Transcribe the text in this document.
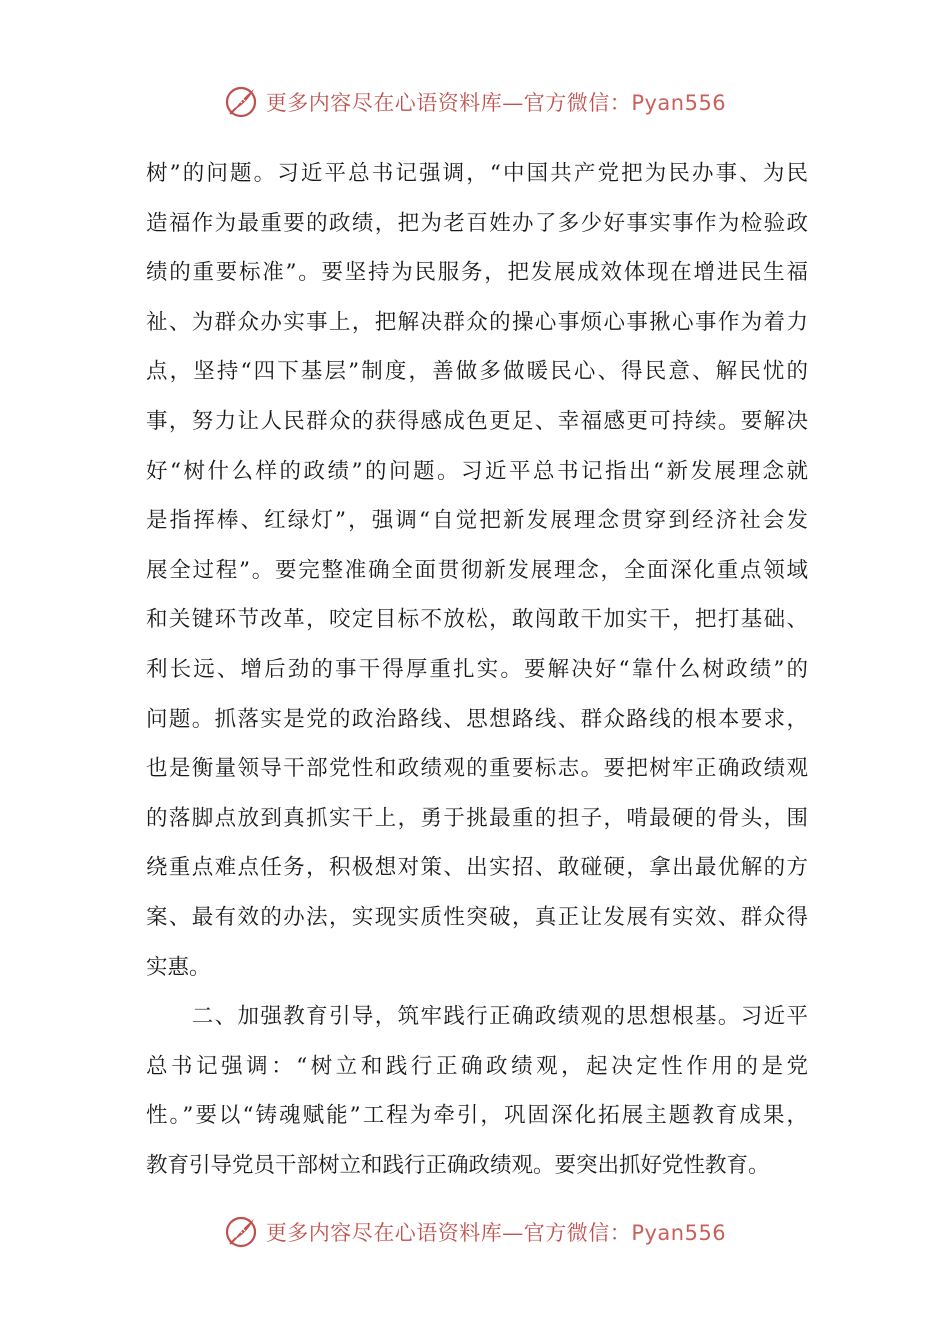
更多内容尽在心语资料库—官方微信：Pyan556
树”的问题。习近平总书记强调，“中国共产党把为民办事、为民
造福作为最重要的政绩，把为老百姓办了多少好事实事作为检验政
绩的重要标准”。要坚持为民服务，把发展成效体现在增进民生福
祉、为群众办实事上，把解决群众的操心事烦心事揪心事作为着力
点，坚持“四下基层”制度，善做多做暖民心、得民意、解民忧的
事，努力让人民群众的获得感成色更足、幸福感更可持续。要解决
好“树什么样的政绩”的问题。习近平总书记指出“新发展理念就
是指挥棒、红绿灯”，强调“自觉把新发展理念贯穿到经济社会发
展全过程”。要完整准确全面贯彻新发展理念，全面深化重点领域
和关键环节改革，咬定目标不放松，敢闯敢干加实干，把打基础、
利长远、增后劲的事干得厚重扎实。要解决好“靠什么树政绩”的
问题。抓落实是党的政治路线、思想路线、群众路线的根本要求，
也是衡量领导干部党性和政绩观的重要标志。要把树牢正确政绩观
的落脚点放到真抓实干上，勇于挑最重的担子，啃最硬的骨头，围
绕重点难点任务，积极想对策、出实招、敢碰硬，拿出最优解的方
案、最有效的办法，实现实质性突破，真正让发展有实效、群众得
实惠。
　　二、加强教育引导，筑牢践行正确政绩观的思想根基。习近平
总书记强调：“树立和践行正确政绩观，起决定性作用的是党
性。”要以“铸魂赋能”工程为牵引，巩固深化拓展主题教育成果，
教育引导党员干部树立和践行正确政绩观。要突出抓好党性教育。
更多内容尽在心语资料库—官方微信：Pyan556
